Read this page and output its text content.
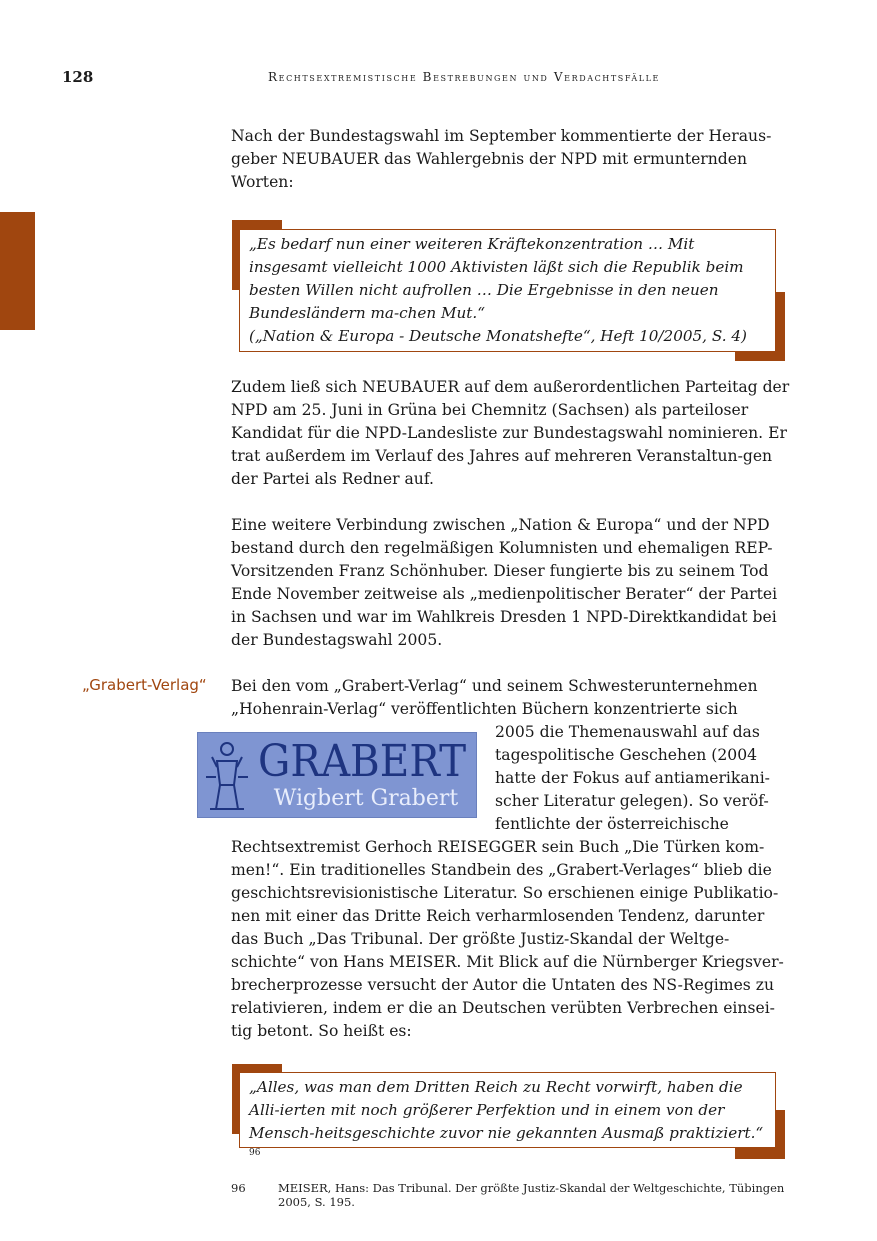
128	Rechtsextremistische Bestrebungen und Verdachtsfälle

Nach der Bundestagswahl im September kommentierte der Heraus-geber NEUBAUER das Wahlergebnis der NPD mit ermunternden Worten:

„Es bedarf nun einer weiteren Kräftekonzentration … Mit insgesamt vielleicht 1000 Aktivisten läßt sich die Republik beim besten Willen nicht aufrollen … Die Ergebnisse in den neuen Bundesländern ma-chen Mut.“

(„Nation & Europa - Deutsche Monatshefte“, Heft 10/2005, S. 4)

Zudem ließ sich NEUBAUER auf dem außerordentlichen Parteitag der NPD am 25. Juni in Grüna bei Chemnitz (Sachsen) als parteiloser Kandidat für die NPD-Landesliste zur Bundestagswahl nominieren. Er trat außerdem im Verlauf des Jahres auf mehreren Veranstaltun-gen der Partei als Redner auf.

Eine weitere Verbindung zwischen „Nation & Europa“ und der NPD bestand durch den regelmäßigen Kolumnisten und ehemaligen REP-Vorsitzenden Franz Schönhuber. Dieser fungierte bis zu seinem Tod Ende November zeitweise als „medienpolitischer Berater“ der Partei in Sachsen und war im Wahlkreis Dresden 1 NPD-Direktkandidat bei der Bundestagswahl 2005.

„Grabert-Verlag“ Bei den vom „Grabert-Verlag“ und seinem Schwesterunternehmen
„Hohenrain-Verlag“ veröffentlichten Büchern konzentrierte sich
2005 die Themenauswahl auf das
tagespolitische Geschehen (2004
hatte der Fokus auf antiamerikani-
scher Literatur gelegen). So veröf-
fentlichte der österreichische

Rechtsextremist Gerhoch REISEGGER sein Buch „Die Türken kom-men!“. Ein traditionelles Standbein des „Grabert-Verlages“ blieb die geschichtsrevisionistische Literatur. So erschienen einige Publikatio-nen mit einer das Dritte Reich verharmlosenden Tendenz, darunter das Buch „Das Tribunal. Der größte Justiz-Skandal der Weltge-schichte“ von Hans MEISER. Mit Blick auf die Nürnberger Kriegsver-brecherprozesse versucht der Autor die Untaten des NS-Regimes zu relativieren, indem er die an Deutschen verübten Verbrechen einsei-tig betont. So heißt es:

GRABERT
Wigbert Grabert

„Alles, was man dem Dritten Reich zu Recht vorwirft, haben die Alli-ierten mit noch größerer Perfektion und in einem von der Mensch-heitsgeschichte zuvor nie gekannten Ausmaß praktiziert.“ $^{96}$

96	MEISER, Hans: Das Tribunal. Der größte Justiz-Skandal der Weltgeschichte, Tübingen 2005, S. 195.
